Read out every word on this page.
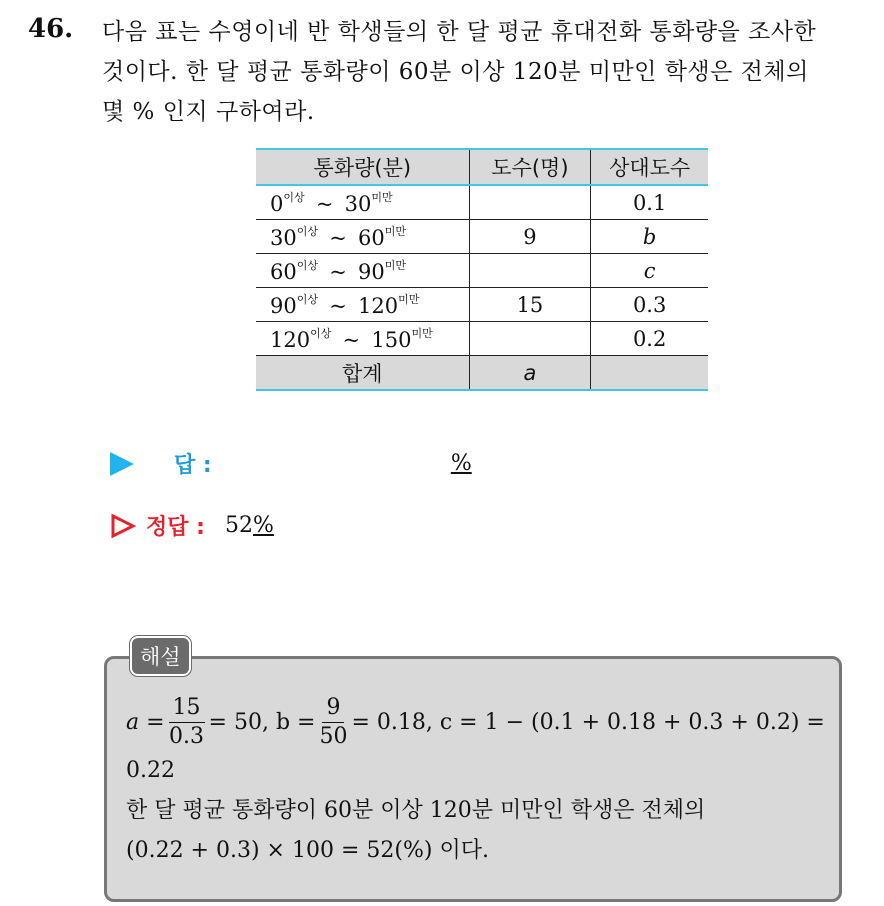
46. 다음 표는 수영이네 반 학생들의 한 달 평균 휴대전화 통화량을 조사한
것이다. 한 달 평균 통화량이 60분 이상 120분 미만인 학생은 전체의
몇 % 인지 구하여라.
통화량(분)	도수(명)	상대도수
$0^{이상}$ ~ $30^{미만}$		0.1
$30^{이상}$ ~ $60^{미만}$	9	b
$60^{이상}$ ~ $90^{미만}$		c
$90^{이상}$ ~ $120^{미만}$	15	0.3
$120^{이상}$ ~ $150^{미만}$		0.2
합계	a	
답 :	%
정답 : 52%
해설
$a = \frac{15}{0.3} = 50$, $b = \frac{9}{50} = 0.18$, c = 1 − (0.1 + 0.18 + 0.3 + 0.2) =
0.22
한 달 평균 통화량이 60분 이상 120분 미만인 학생은 전체의
(0.22 + 0.3) × 100 = 52(%) 이다.
